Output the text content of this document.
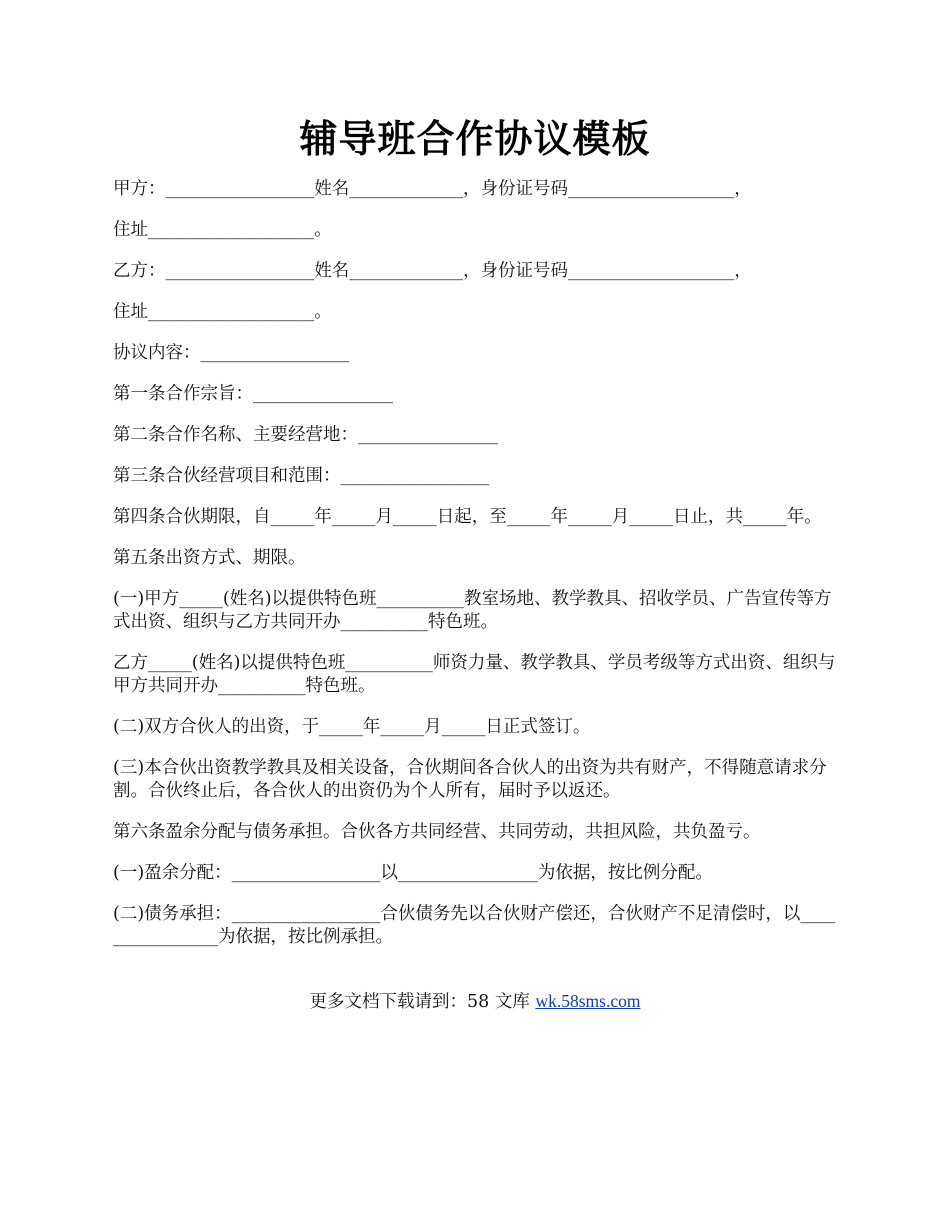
辅导班合作协议模板

甲方：_________________姓名_____________，身份证号码___________________，

住址___________________。

乙方：_________________姓名_____________，身份证号码___________________，

住址___________________。

协议内容：_________________

第一条合作宗旨：________________

第二条合作名称、主要经营地：________________

第三条合伙经营项目和范围：_________________

第四条合伙期限，自_____年_____月_____日起，至_____年_____月_____日止，共_____年。

第五条出资方式、期限。

(一)甲方_____(姓名)以提供特色班__________教室场地、教学教具、招收学员、广告宣传等方式出资、组织与乙方共同开办__________特色班。

乙方_____(姓名)以提供特色班__________师资力量、教学教具、学员考级等方式出资、组织与甲方共同开办__________特色班。

(二)双方合伙人的出资，于_____年_____月_____日正式签订。

(三)本合伙出资教学教具及相关设备，合伙期间各合伙人的出资为共有财产，不得随意请求分割。合伙终止后，各合伙人的出资仍为个人所有，届时予以返还。

第六条盈余分配与债务承担。合伙各方共同经营、共同劳动，共担风险，共负盈亏。

(一)盈余分配：_________________以________________为依据，按比例分配。

(二)债务承担：_________________合伙债务先以合伙财产偿还，合伙财产不足清偿时，以________________为依据，按比例承担。

更多文档下载请到：58 文库 wk.58sms.com
